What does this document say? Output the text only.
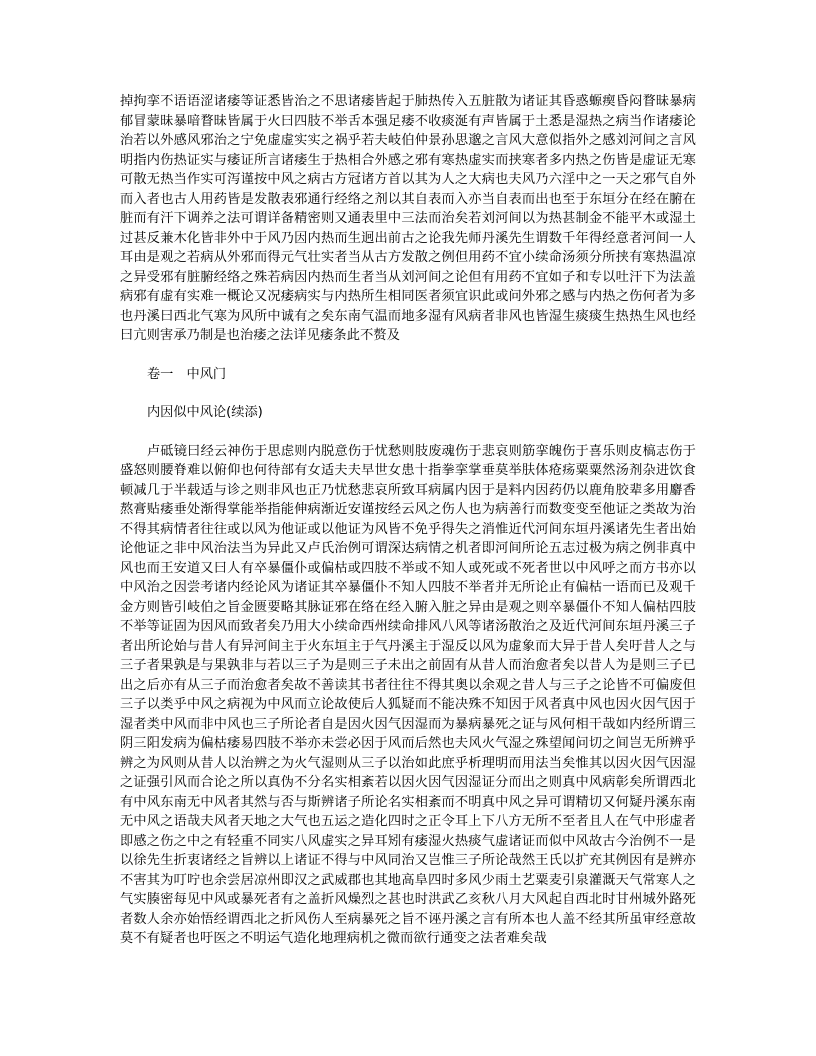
掉拘挛不语语涩诸痿等证悉皆治之不思诸痿皆起于肺热传入五脏散为诸证其昏惑螈瘈昏闷瞀昧暴病郁冒蒙昧暴喑瞀昧皆属于火曰四肢不举舌本强足痿不收痰涎有声皆属于土悉是湿热之病当作诸痿论治若以外感风邪治之宁免虚虚实实之祸乎若夫岐伯仲景孙思邈之言风大意似指外之感刘河间之言风明指内伤热证实与痿证所言诸痿生于热相合外感之邪有寒热虚实而挟寒者多内热之伤皆是虚证无寒可散无热当作实可泻谨按中风之病古方冠诸方首以其为人之大病也夫风乃六淫中之一天之邪气自外而入者也古人用药皆是发散表邪通行经络之剂以其自表而入亦当自表而出也至于东垣分在经在腑在脏而有汗下调养之法可谓详备精密则又通表里中三法而治矣若刘河间以为热甚制金不能平木或湿土过甚反兼木化皆非外中于风乃因内热而生迥出前古之论我先师丹溪先生谓数千年得经意者河间一人耳由是观之若病从外邪而得元气壮实者当从古方发散之例但用药不宜小续命汤须分所挟有寒热温凉之异受邪有脏腑经络之殊若病因内热而生者当从刘河间之论但有用药不宜如子和专以吐汗下为法盖病邪有虚有实难一概论又况痿病实与内热所生相同医者须宜识此或问外邪之感与内热之伤何者为多也丹溪曰西北气寒为风所中诚有之矣东南气温而地多湿有风病者非风也皆湿生痰痰生热热生风也经曰亢则害承乃制是也治痿之法详见痿条此不赘及

卷一　中风门

内因似中风论(续添)

卢砥镜曰经云神伤于思虑则内脱意伤于忧愁则肢废魂伤于悲哀则筋挛魄伤于喜乐则皮槁志伤于盛怒则腰脊难以俯仰也何待部有女适夫夫早世女患十指拳挛掌垂莫举肤体疮疡粟粟然汤剂杂进饮食顿减几于半载适与诊之则非风也正乃忧愁悲哀所致耳病属内因于是料内因药仍以鹿角胶辈多用麝香熬膏贴痿垂处渐得掌能举指能伸病渐近安谨按经云风之伤人也为病善行而数变变至他证之类故为治不得其病情者往往或以风为他证或以他证为风皆不免乎得失之消惟近代河间东垣丹溪诸先生者出始论他证之非中风治法当为异此又卢氏治例可谓深达病情之机者即河间所论五志过极为病之例非真中风也而王安道又曰人有卒暴僵仆或偏枯或四肢不举或不知人或死或不死者世以中风呼之而方书亦以中风治之因尝考诸内经论风为诸证其卒暴僵仆不知人四肢不举者并无所论止有偏枯一语而已及观千金方则皆引岐伯之旨金匮要略其脉证邪在络在经入腑入脏之异由是观之则卒暴僵仆不知人偏枯四肢不举等证固为因风而致者矣乃用大小续命西州续命排风八风等诸汤散治之及近代河间东垣丹溪三子者出所论始与昔人有异河间主于火东垣主于气丹溪主于湿反以风为虚象而大异于昔人矣吁昔人之与三子者果孰是与果孰非与若以三子为是则三子未出之前固有从昔人而治愈者矣以昔人为是则三子已出之后亦有从三子而治愈者矣故不善读其书者往往不得其奥以余观之昔人与三子之论皆不可偏废但三子以类乎中风之病视为中风而立论故使后人狐疑而不能决殊不知因于风者真中风也因火因气因于湿者类中风而非中风也三子所论者自是因火因气因湿而为暴病暴死之证与风何相干哉如内经所谓三阴三阳发病为偏枯痿易四肢不举亦未尝必因于风而后然也夫风火气湿之殊望闻问切之间岂无所辨乎辨之为风则从昔人以治辨之为火气湿则从三子以治如此庶乎析理明而用法当矣惟其以因火因气因湿之证强引风而合论之所以真伪不分名实相紊若以因火因气因湿证分而出之则真中风病彰矣所谓西北有中风东南无中风者其然与否与斯辨诸子所论名实相紊而不明真中风之异可谓精切又何疑丹溪东南无中风之语哉夫风者天地之大气也五运之造化四时之正令耳上下八方无所不至者且人在气中形虚者即感之伤之中之有轻重不同实八风虚实之异耳矧有痿湿火热痰气虚诸证而似中风故古今治例不一是以徐先生折衷诸经之旨辨以上诸证不得与中风同治又岂惟三子所论哉然王氏以扩充其例因有是辨亦不害其为叮咛也余尝居凉州即汉之武威郡也其地高阜四时多风少雨土艺粟麦引泉灌溉天气常寒人之气实腠密每见中风或暴死者有之盖折风燥烈之甚也时洪武乙亥秋八月大风起自西北时甘州城外路死者数人余亦始悟经谓西北之折风伤人至病暴死之旨不诬丹溪之言有所本也人盖不经其所虽审经意故莫不有疑者也吁医之不明运气造化地理病机之微而欲行通变之法者难矣哉
